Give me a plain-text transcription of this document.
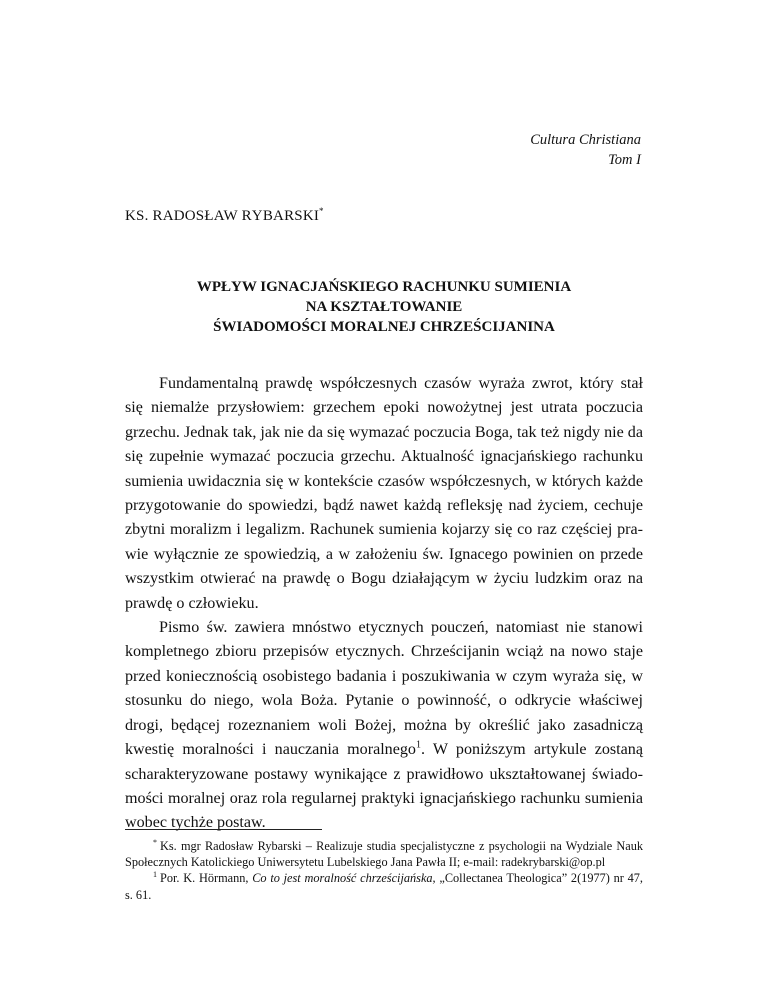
Cultura Christiana
Tom I
KS. RADOSŁAW RYBARSKI*
WPŁYW IGNACJAŃSKIEGO RACHUNKU SUMIENIA
NA KSZTAŁTOWANIE
ŚWIADOMOŚCI MORALNEJ CHRZEŚCIJANINA

Fundamentalną prawdę współczesnych czasów wyraża zwrot, który stał się niemalże przysłowiem: grzechem epoki nowożytnej jest utrata poczucia grzechu. Jednak tak, jak nie da się wymazać poczucia Boga, tak też nigdy nie da się zupełnie wymazać poczucia grzechu. Aktualność ignacjańskiego rachunku sumienia uwidacznia się w kontekście czasów współczesnych, w których każde przygotowanie do spowiedzi, bądź nawet każdą refleksję nad życiem, cechuje zbytni moralizm i legalizm. Rachunek sumienia kojarzy się co raz częściej prawie wyłącznie ze spowiedzią, a w założeniu św. Ignacego powinien on przede wszystkim otwierać na prawdę o Bogu działającym w życiu ludzkim oraz na prawdę o człowieku.

Pismo św. zawiera mnóstwo etycznych pouczeń, natomiast nie stanowi kompletnego zbioru przepisów etycznych. Chrześcijanin wciąż na nowo staje przed koniecznością osobistego badania i poszukiwania w czym wyraża się, w stosunku do niego, wola Boża. Pytanie o powinność, o odkrycie właściwej drogi, będącej rozeznaniem woli Bożej, można by określić jako zasadniczą kwestię moralności i nauczania moralnego$^1$. W poniższym artykule zostaną scharakteryzowane postawy wynikające z prawidłowo ukształtowanej świadomości moralnej oraz rola regularnej praktyki ignacjańskiego rachunku sumienia wobec tychże postaw.

* Ks. mgr Radosław Rybarski – Realizuje studia specjalistyczne z psychologii na Wydziale Nauk Społecznych Katolickiego Uniwersytetu Lubelskiego Jana Pawła II; e-mail: radekrybarski@op.pl

$^1$ Por. K. Hörmann, Co to jest moralność chrześcijańska, „Collectanea Theologica” 2(1977) nr 47, s. 61.
